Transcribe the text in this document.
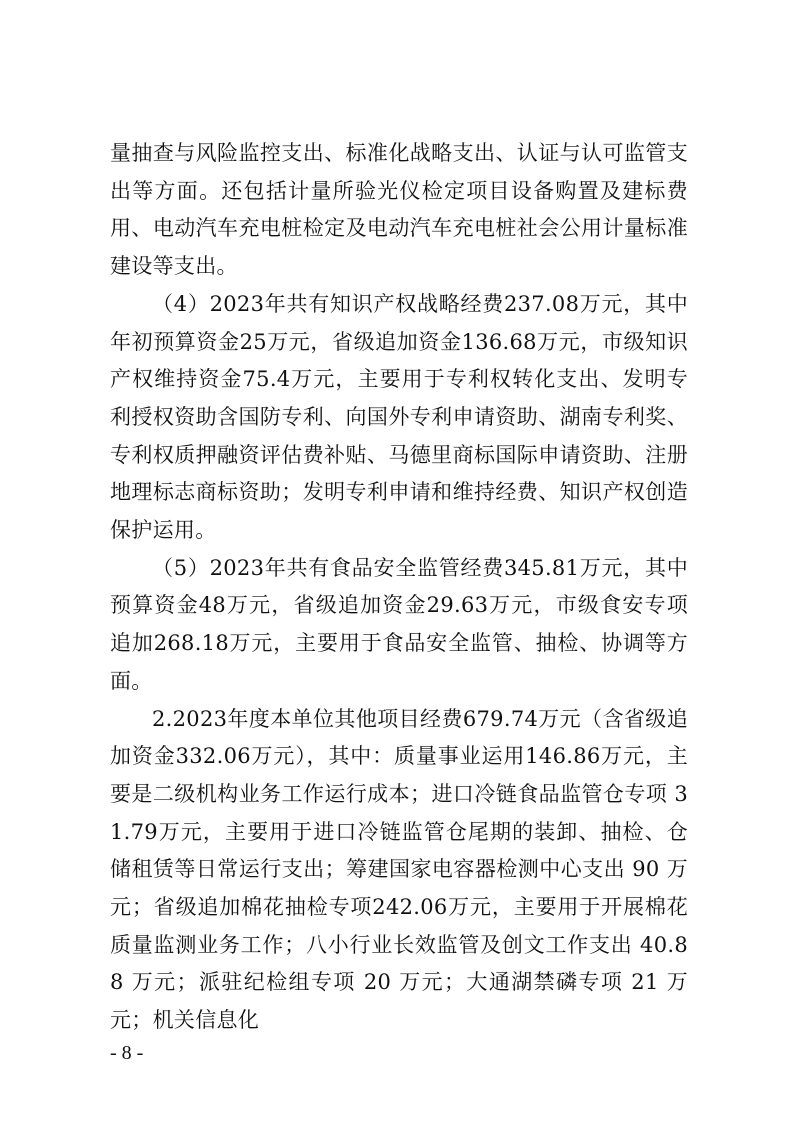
量抽查与风险监控支出、标准化战略支出、认证与认可监管支出等方面。还包括计量所验光仪检定项目设备购置及建标费用、电动汽车充电桩检定及电动汽车充电桩社会公用计量标准建设等支出。

（4）2023年共有知识产权战略经费237.08万元，其中年初预算资金25万元，省级追加资金136.68万元，市级知识产权维持资金75.4万元，主要用于专利权转化支出、发明专利授权资助含国防专利、向国外专利申请资助、湖南专利奖、专利权质押融资评估费补贴、马德里商标国际申请资助、注册地理标志商标资助；发明专利申请和维持经费、知识产权创造保护运用。

（5）2023年共有食品安全监管经费345.81万元，其中预算资金48万元，省级追加资金29.63万元，市级食安专项追加268.18万元，主要用于食品安全监管、抽检、协调等方面。

2.2023年度本单位其他项目经费679.74万元（含省级追加资金332.06万元），其中：质量事业运用146.86万元，主要是二级机构业务工作运行成本；进口冷链食品监管仓专项 31.79万元，主要用于进口冷链监管仓尾期的装卸、抽检、仓储租赁等日常运行支出；筹建国家电容器检测中心支出 90 万元；省级追加棉花抽检专项242.06万元，主要用于开展棉花质量监测业务工作；八小行业长效监管及创文工作支出 40.88 万元；派驻纪检组专项 20 万元；大通湖禁磷专项 21 万元；机关信息化

- 8 -
